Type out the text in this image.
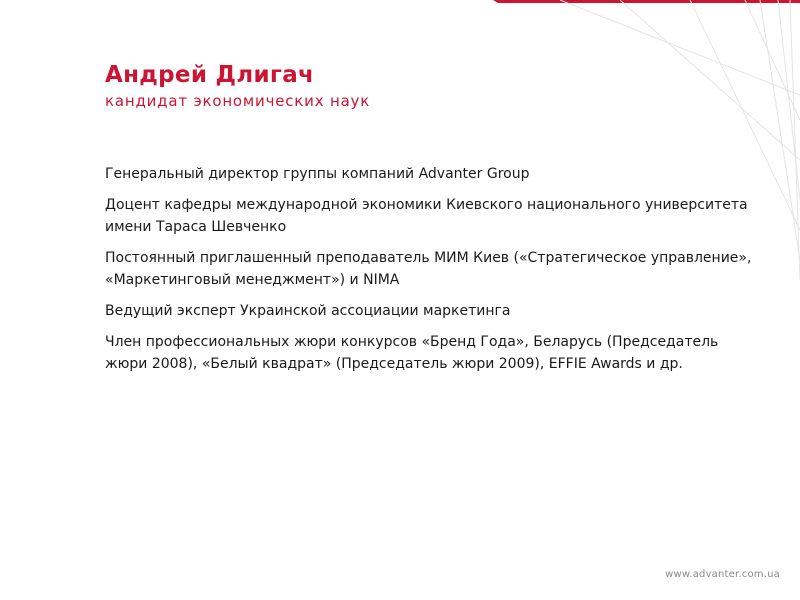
Андрей Длигач
кандидат экономических наук
Генеральный директор группы компаний Advanter Group
Доцент кафедры международной экономики Киевского национального университета имени Тараса Шевченко
Постоянный приглашенный преподаватель МИМ Киев («Стратегическое управление», «Маркетинговый менеджмент») и NIMA
Ведущий эксперт Украинской ассоциации маркетинга
Член профессиональных жюри конкурсов «Бренд Года», Беларусь (Председатель жюри 2008), «Белый квадрат» (Председатель жюри 2009), EFFIE Awards и др.
www.advanter.com.ua
